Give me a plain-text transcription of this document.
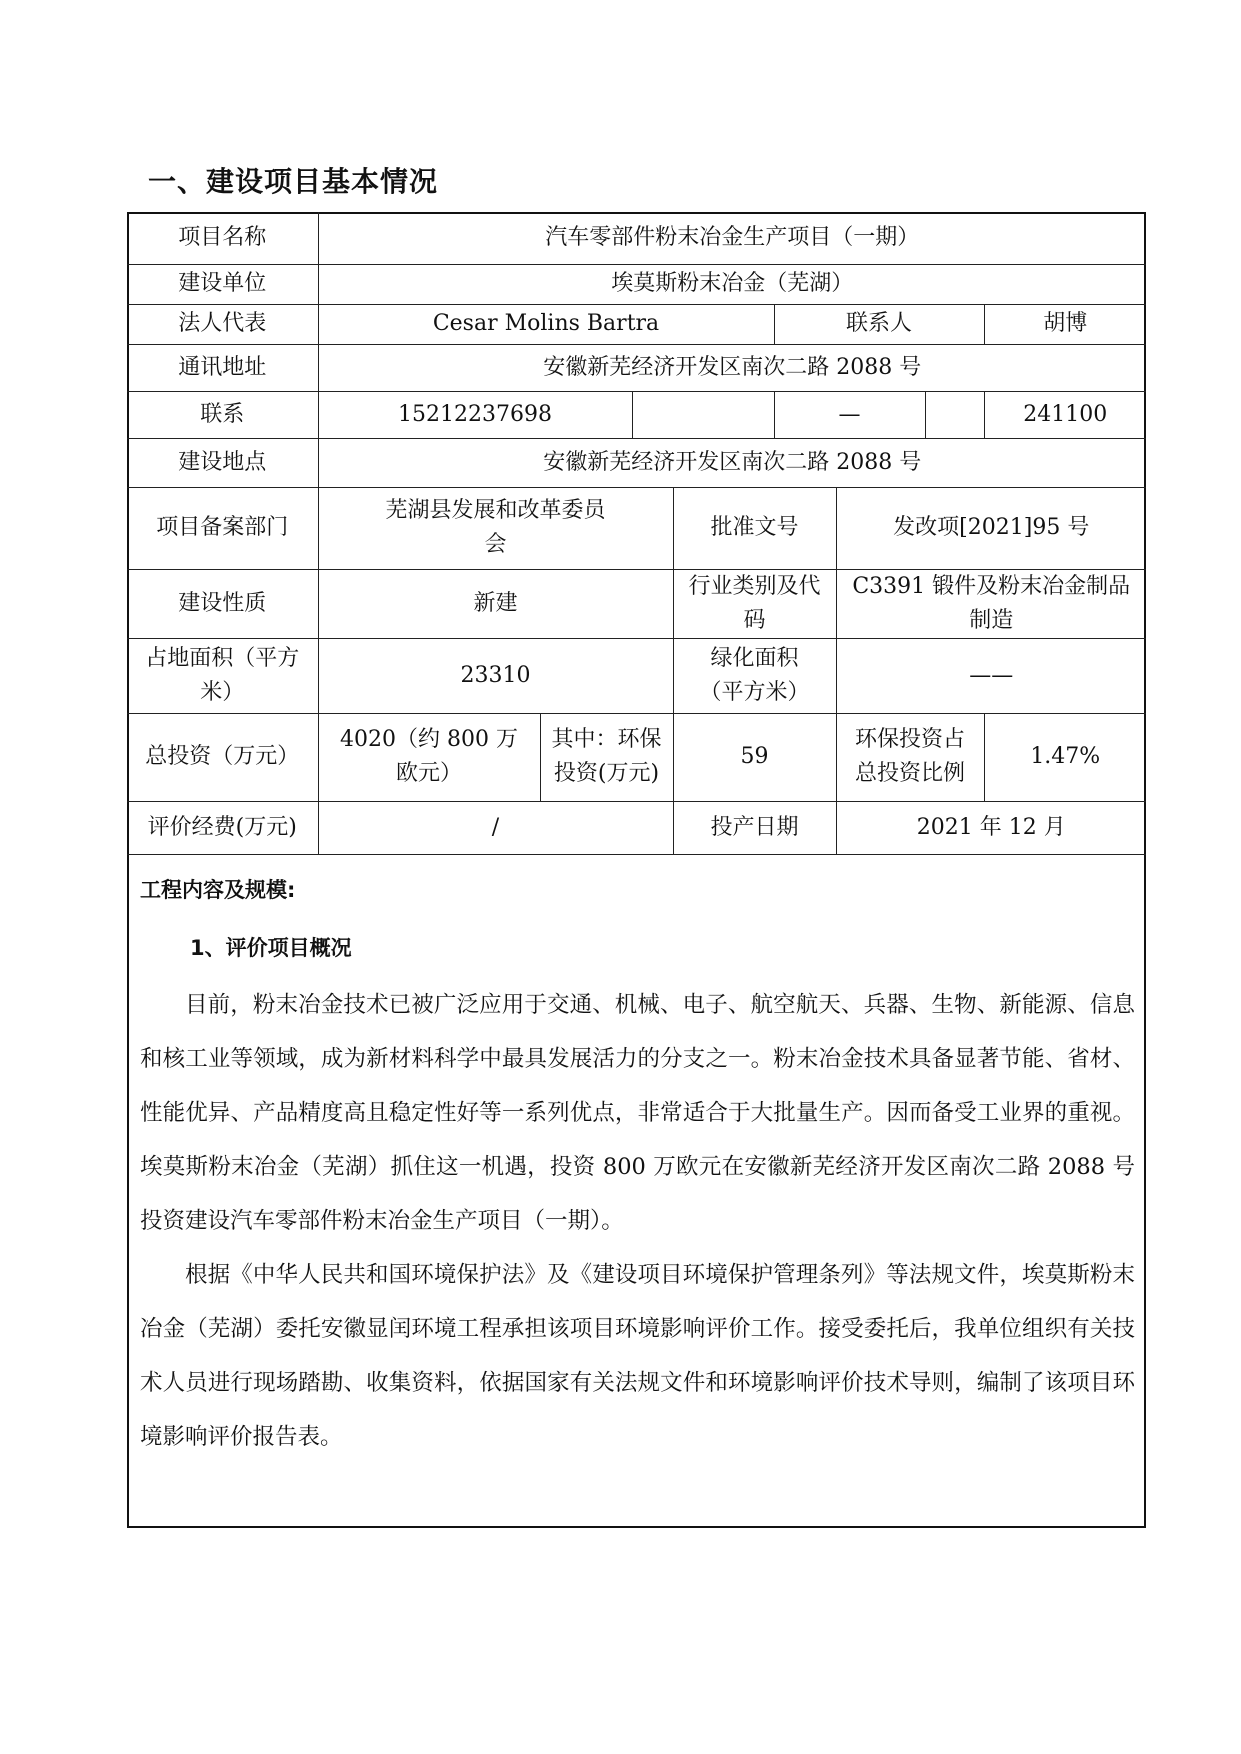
一、建设项目基本情况
项目名称	汽车零部件粉末冶金生产项目（一期）							
建设单位	埃莫斯粉末冶金（芜湖）							
法人代表	Cesar Molins Bartra				联系人			胡博
通讯地址	安徽新芜经济开发区南次二路 2088 号							
联系	15212237698				—			241100
建设地点	安徽新芜经济开发区南次二路 2088 号							
项目备案部门	芜湖县发展和改革委员会			批准文号		发改项[2021]95 号		
建设性质	新建			行业类别及代码		C3391 锻件及粉末冶金制品制造		
占地面积（平方米）	23310			绿化面积（平方米）		——		
总投资（万元）	4020（约 800 万欧元）	其中：环保投资(万元)		59		环保投资占总投资比例		1.47%
评价经费(万元)	/			投产日期		2021 年 12 月		
工程内容及规模:
1、评价项目概况

目前，粉末冶金技术已被广泛应用于交通、机械、电子、航空航天、兵器、生物、新能源、信息和核工业等领域，成为新材料科学中最具发展活力的分支之一。粉末冶金技术具备显著节能、省材、性能优异、产品精度高且稳定性好等一系列优点，非常适合于大批量生产。因而备受工业界的重视。埃莫斯粉末冶金（芜湖）抓住这一机遇，投资 800 万欧元在安徽新芜经济开发区南次二路 2088 号投资建设汽车零部件粉末冶金生产项目（一期）。

根据《中华人民共和国环境保护法》及《建设项目环境保护管理条列》等法规文件，埃莫斯粉末冶金（芜湖）委托安徽显闰环境工程承担该项目环境影响评价工作。接受委托后，我单位组织有关技术人员进行现场踏勘、收集资料，依据国家有关法规文件和环境影响评价技术导则，编制了该项目环境影响评价报告表。
